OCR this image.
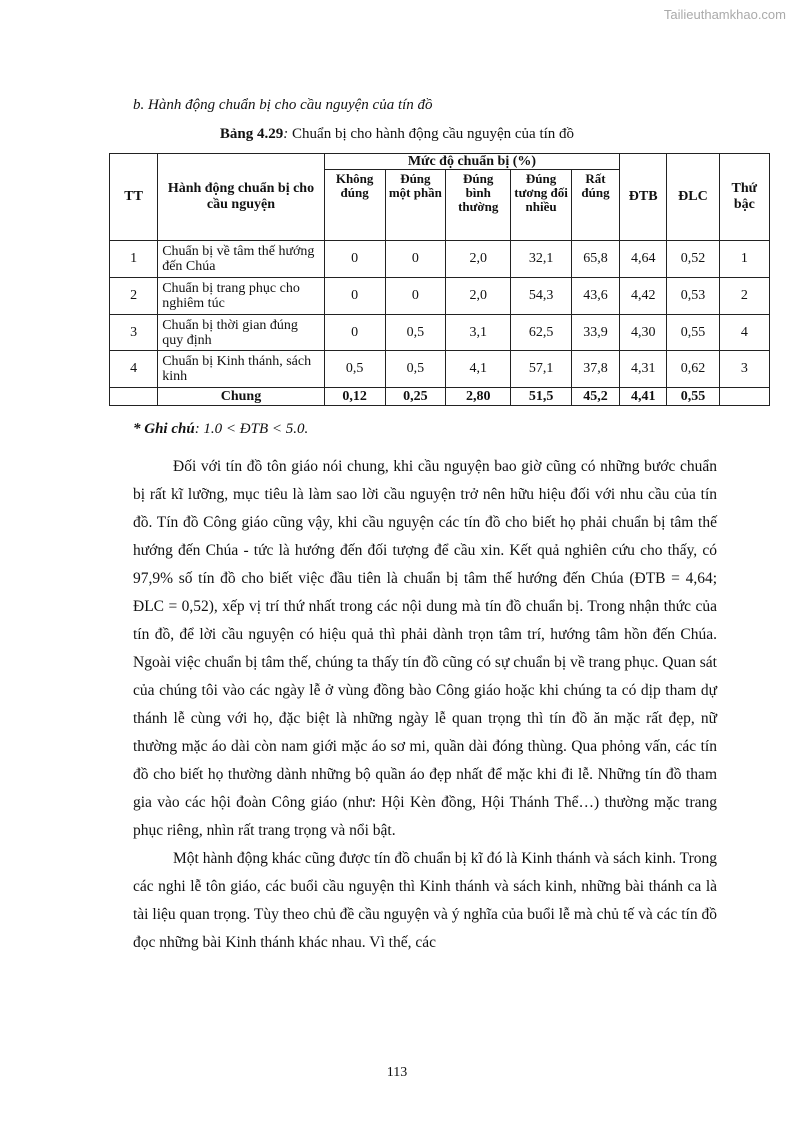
Tailieuthamkhao.com
b. Hành động chuẩn bị cho cầu nguyện của tín đồ
Bảng 4.29: Chuẩn bị cho hành động cầu nguyện của tín đồ
TT	Hành động chuẩn bị cho cầu nguyện	Mức độ chuẩn bị (%)					ĐTB	ĐLC	Thứ bậc
		Không đúng	Đúng một phần	Đúng bình thường	Đúng tương đối nhiều	Rất đúng			
1	Chuẩn bị về tâm thế hướng đến Chúa	0	0	2,0	32,1	65,8	4,64	0,52	1
2	Chuẩn bị trang phục cho nghiêm túc	0	0	2,0	54,3	43,6	4,42	0,53	2
3	Chuẩn bị thời gian đúng quy định	0	0,5	3,1	62,5	33,9	4,30	0,55	4
4	Chuẩn bị Kinh thánh, sách kinh	0,5	0,5	4,1	57,1	37,8	4,31	0,62	3
	Chung	0,12	0,25	2,80	51,5	45,2	4,41	0,55	
* Ghi chú: 1.0 < ĐTB < 5.0.

Đối với tín đồ tôn giáo nói chung, khi cầu nguyện bao giờ cũng có những bước chuẩn bị rất kĩ lưỡng, mục tiêu là làm sao lời cầu nguyện trở nên hữu hiệu đối với nhu cầu của tín đồ. Tín đồ Công giáo cũng vậy, khi cầu nguyện các tín đồ cho biết họ phải chuẩn bị tâm thế hướng đến Chúa - tức là hướng đến đối tượng để cầu xin. Kết quả nghiên cứu cho thấy, có 97,9% số tín đồ cho biết việc đầu tiên là chuẩn bị tâm thế hướng đến Chúa (ĐTB = 4,64; ĐLC = 0,52), xếp vị trí thứ nhất trong các nội dung mà tín đồ chuẩn bị. Trong nhận thức của tín đồ, để lời cầu nguyện có hiệu quả thì phải dành trọn tâm trí, hướng tâm hồn đến Chúa. Ngoài việc chuẩn bị tâm thế, chúng ta thấy tín đồ cũng có sự chuẩn bị về trang phục. Quan sát của chúng tôi vào các ngày lễ ở vùng đồng bào Công giáo hoặc khi chúng ta có dịp tham dự thánh lễ cùng với họ, đặc biệt là những ngày lễ quan trọng thì tín đồ ăn mặc rất đẹp, nữ thường mặc áo dài còn nam giới mặc áo sơ mi, quần dài đóng thùng. Qua phỏng vấn, các tín đồ cho biết họ thường dành những bộ quần áo đẹp nhất để mặc khi đi lễ. Những tín đồ tham gia vào các hội đoàn Công giáo (như: Hội Kèn đồng, Hội Thánh Thể…) thường mặc trang phục riêng, nhìn rất trang trọng và nổi bật.

Một hành động khác cũng được tín đồ chuẩn bị kĩ đó là Kinh thánh và sách kinh. Trong các nghi lễ tôn giáo, các buổi cầu nguyện thì Kinh thánh và sách kinh, những bài thánh ca là tài liệu quan trọng. Tùy theo chủ đề cầu nguyện và ý nghĩa của buổi lễ mà chủ tế và các tín đồ đọc những bài Kinh thánh khác nhau. Vì thế, các

113
